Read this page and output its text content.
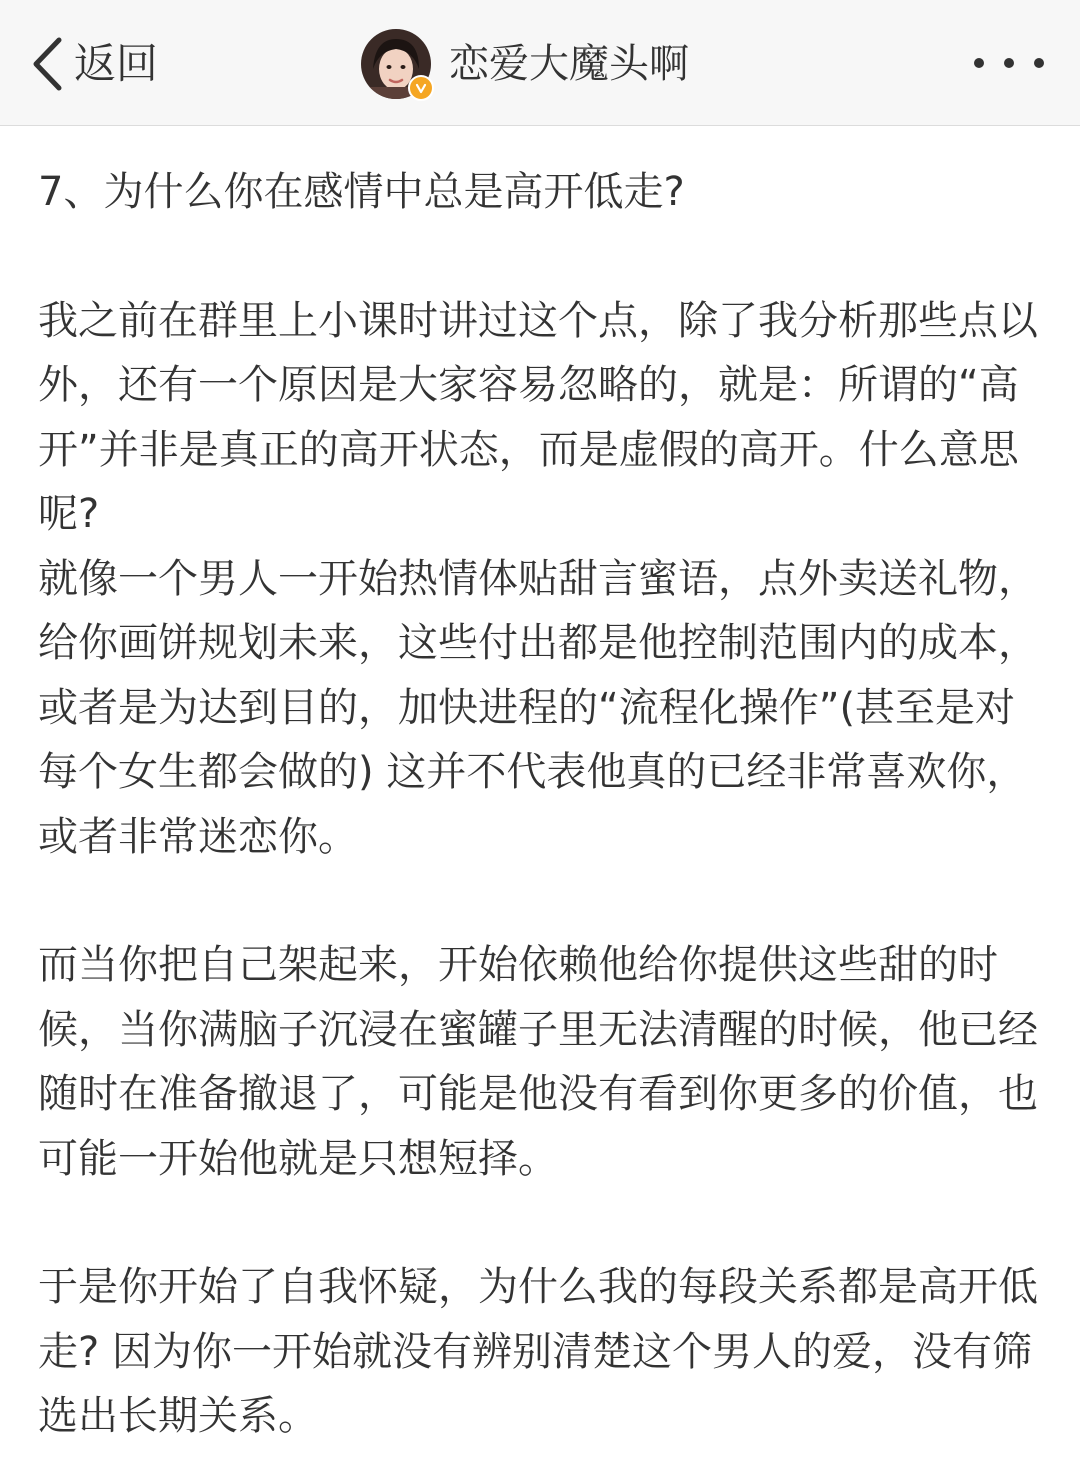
返回	恋爱大魔头啊

7、为什么你在感情中总是高开低走?

我之前在群里上小课时讲过这个点，除了我分析那些点以外，还有一个原因是大家容易忽略的，就是：所谓的“高开”并非是真正的高开状态，而是虚假的高开。什么意思呢?

就像一个男人一开始热情体贴甜言蜜语，点外卖送礼物，给你画饼规划未来，这些付出都是他控制范围内的成本，或者是为达到目的，加快进程的“流程化操作”(甚至是对每个女生都会做的) 这并不代表他真的已经非常喜欢你，或者非常迷恋你。

而当你把自己架起来，开始依赖他给你提供这些甜的时候，当你满脑子沉浸在蜜罐子里无法清醒的时候，他已经随时在准备撤退了，可能是他没有看到你更多的价值，也可能一开始他就是只想短择。

于是你开始了自我怀疑，为什么我的每段关系都是高开低走? 因为你一开始就没有辨别清楚这个男人的爱，没有筛选出长期关系。
